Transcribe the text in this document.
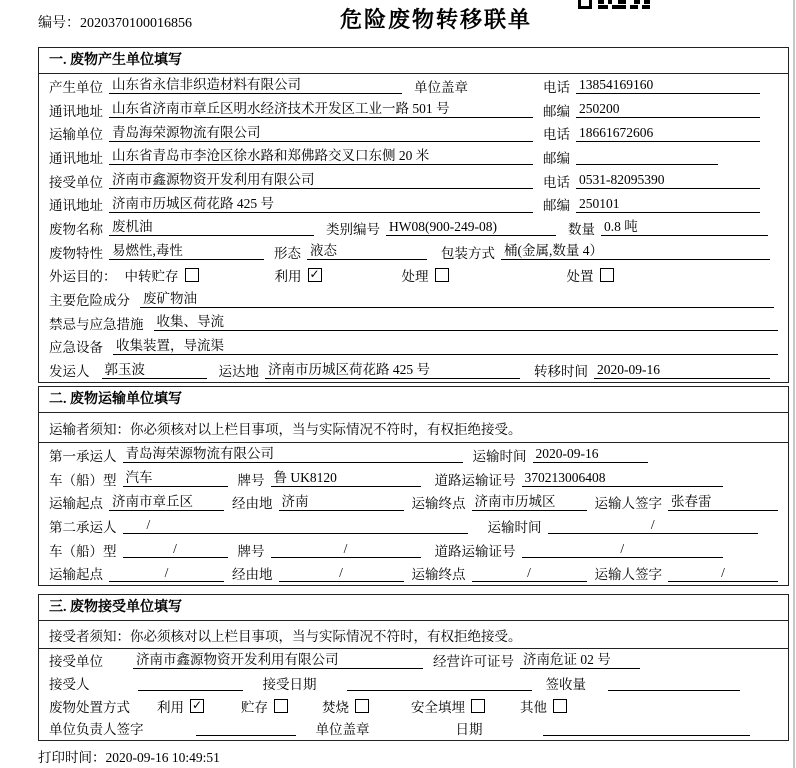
编号：2020370100016856	危险废物转移联单
一. 废物产生单位填写
产生单位 山东省永信非织造材料有限公司	单位盖章	电话 13854169160
通讯地址 山东省济南市章丘区明水经济技术开发区工业一路 501 号	邮编 250200
运输单位 青岛海荣源物流有限公司	电话 18661672606
通讯地址 山东省青岛市李沧区徐水路和郑佛路交叉口东侧 20 米	邮编
接受单位 济南市鑫源物资开发利用有限公司	电话 0531-82095390
通讯地址 济南市历城区荷花路 425 号	邮编 250101
废物名称 废机油	类别编号 HW08(900-249-08)	数量 0.8 吨
废物特性 易燃性,毒性	形态 液态	包装方式 桶(金属,数量 4）
外运目的： 中转贮存	利用 ✓	处理	处置
主要危险成分 废矿物油
禁忌与应急措施 收集、导流
应急设备 收集装置，导流渠
发运人 郭玉波	运达地 济南市历城区荷花路 425 号	转移时间 2020-09-16
二. 废物运输单位填写
运输者须知：你必须核对以上栏目事项，当与实际情况不符时，有权拒绝接受。
第一承运人 青岛海荣源物流有限公司	运输时间 2020-09-16
车（船）型 汽车	牌号 鲁 UK8120	道路运输证号 370213006408
运输起点 济南市章丘区	经由地 济南	运输终点 济南市历城区	运输人签字 张春雷
第二承运人	/	运输时间	/
车（船）型	/	牌号	/	道路运输证号	/
运输起点	/	经由地	/	运输终点	/	运输人签字	/
三. 废物接受单位填写
接受者须知：你必须核对以上栏目事项，当与实际情况不符时，有权拒绝接受。
接受单位 济南市鑫源物资开发利用有限公司	经营许可证号 济南危证 02 号
接受人	接受日期	签收量
废物处置方式 利用 ✓	贮存	焚烧	安全填埋	其他
单位负责人签字	单位盖章	日期
打印时间：2020-09-16 10:49:51
